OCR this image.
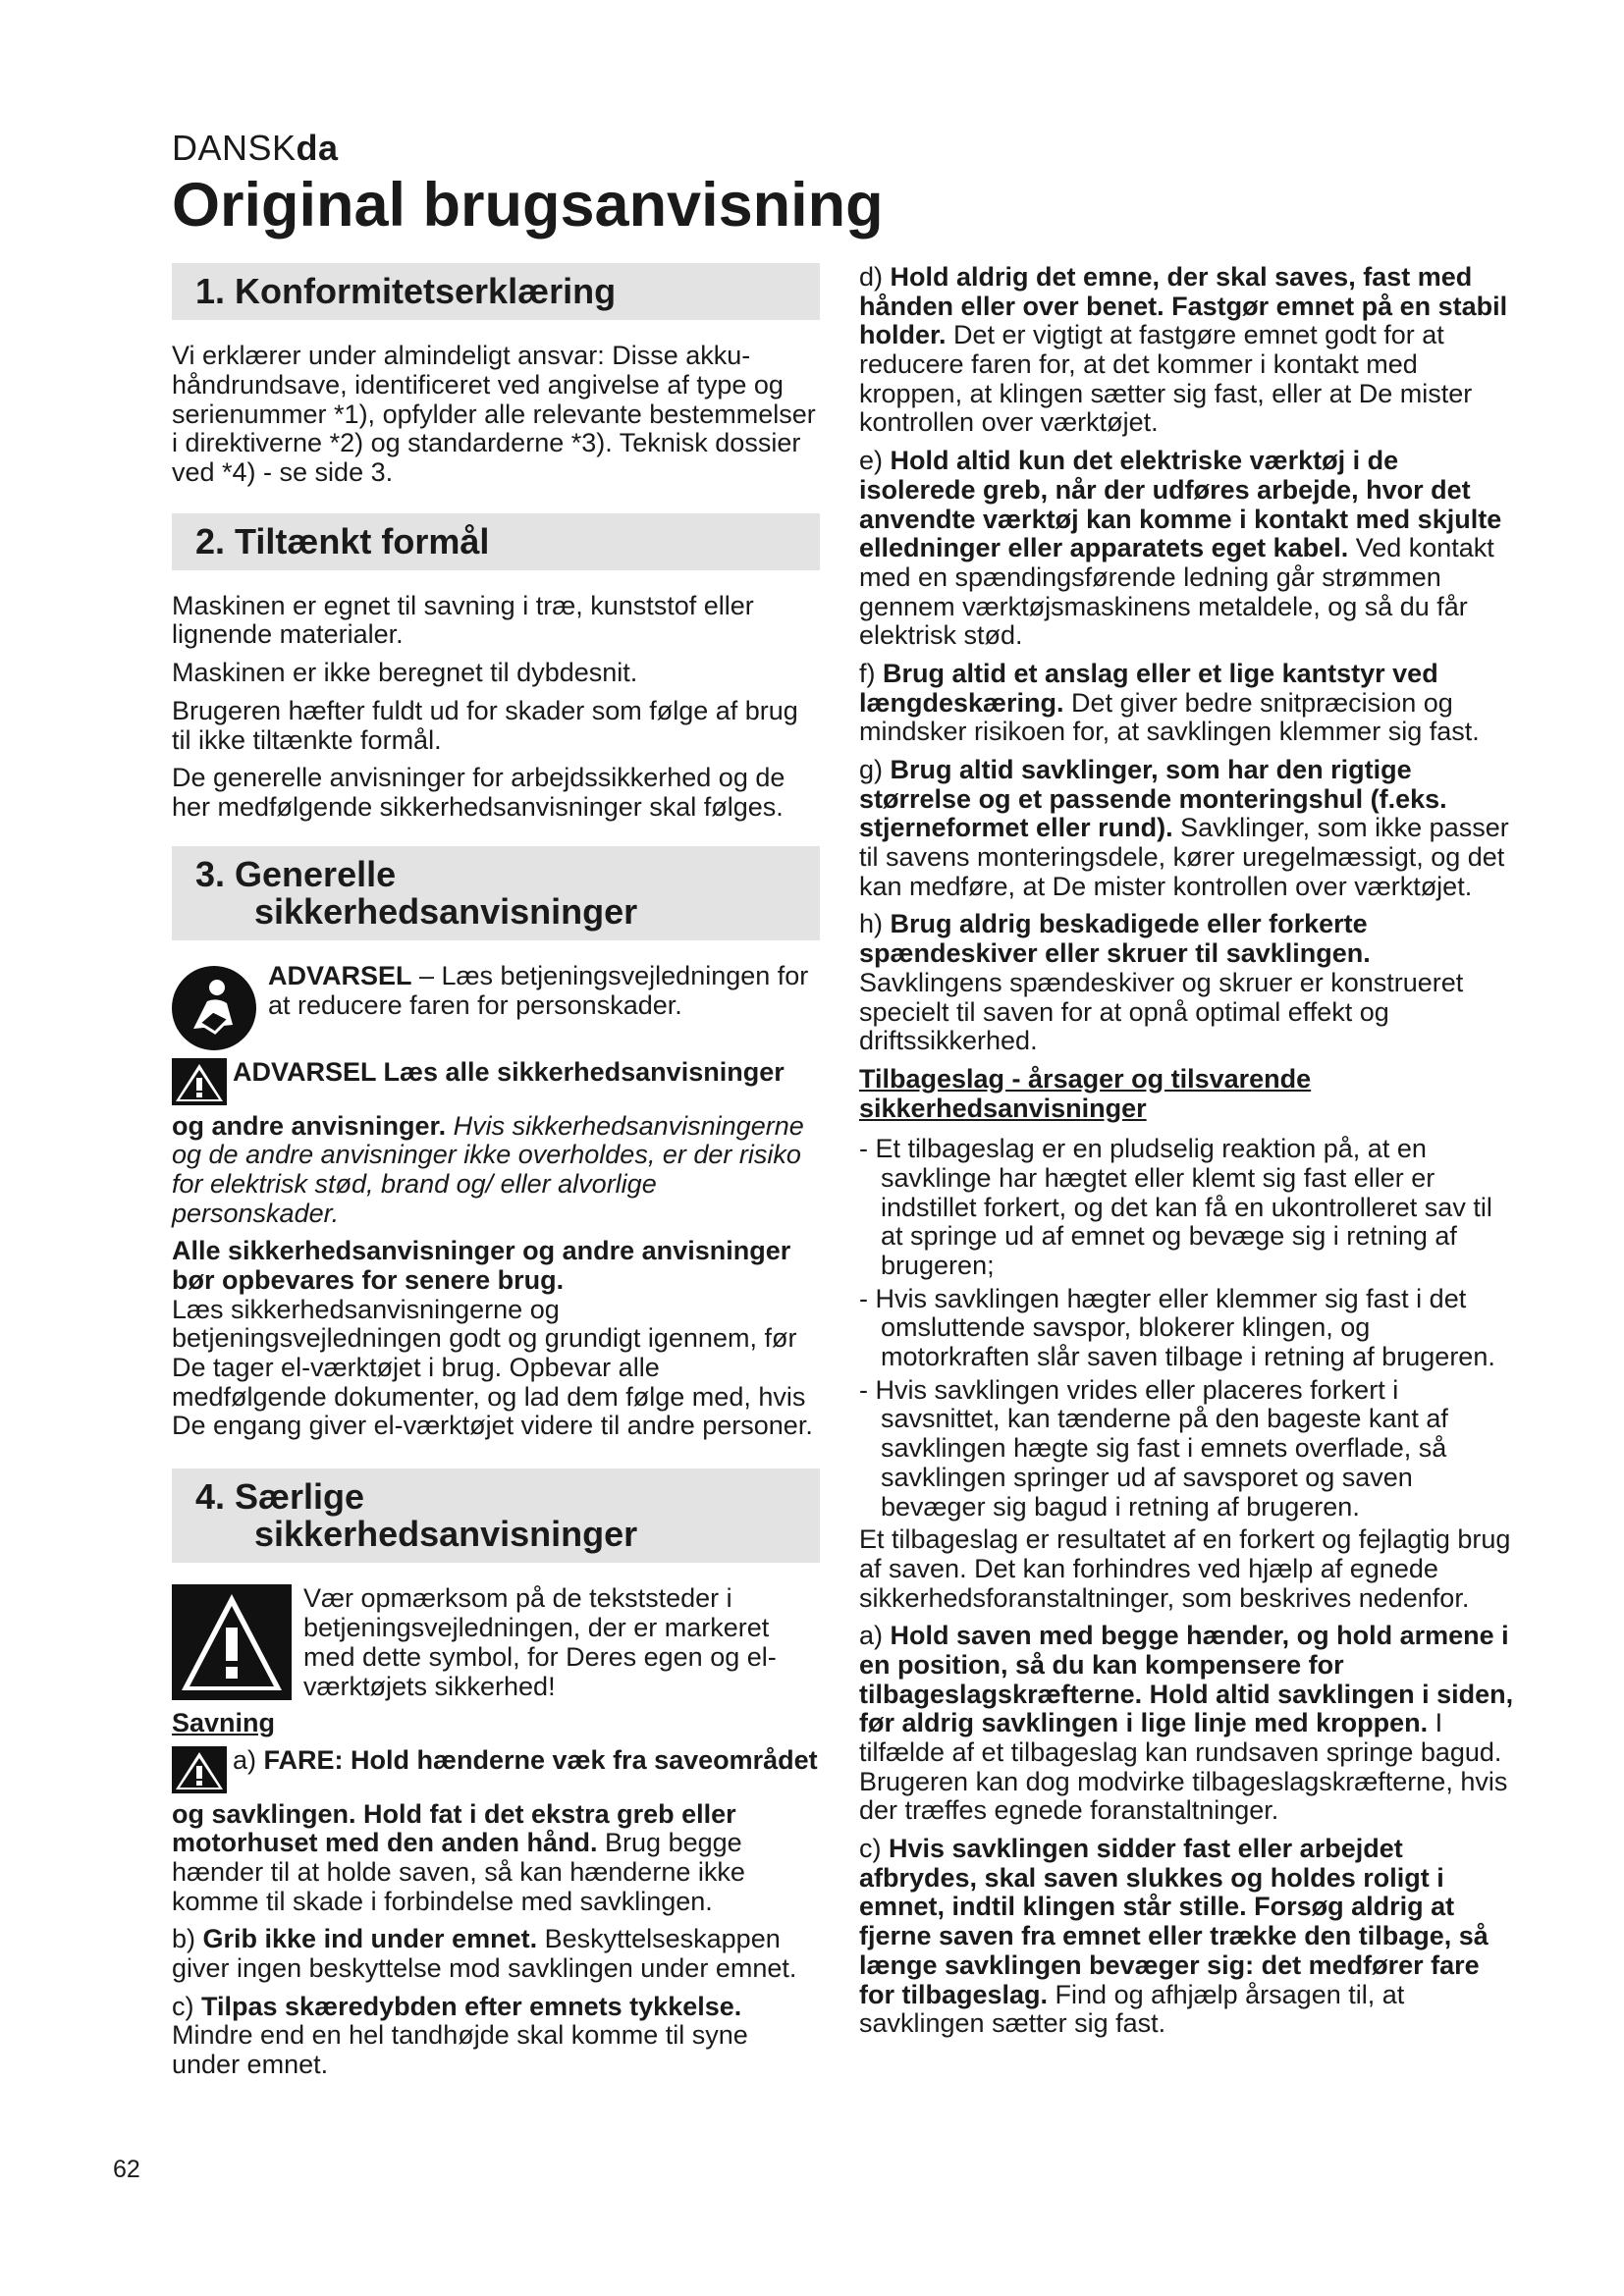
DANSKda
Original brugsanvisning
1. Konformitetserklæring

Vi erklærer under almindeligt ansvar: Disse akku-håndrundsave, identificeret ved angivelse af type og serienummer *1), opfylder alle relevante bestemmelser i direktiverne *2) og standarderne *3). Teknisk dossier ved *4) - se side 3.

2. Tiltænkt formål

Maskinen er egnet til savning i træ, kunststof eller lignende materialer.

Maskinen er ikke beregnet til dybdesnit.

Brugeren hæfter fuldt ud for skader som følge af brug til ikke tiltænkte formål.

De generelle anvisninger for arbejdssikkerhed og de her medfølgende sikkerhedsanvisninger skal følges.

3. Generelle
sikkerhedsanvisninger
ADVARSEL – Læs betjeningsvejledningen for at reducere faren for personskader.
ADVARSEL Læs alle sikkerhedsanvisninger og andre anvisninger. Hvis sikkerhedsanvisningerne og de andre anvisninger ikke overholdes, er der risiko for elektrisk stød, brand og/ eller alvorlige personskader.
Alle sikkerhedsanvisninger og andre anvisninger bør opbevares for senere brug.
Læs sikkerhedsanvisningerne og betjeningsvejledningen godt og grundigt igennem, før De tager el-værktøjet i brug. Opbevar alle medfølgende dokumenter, og lad dem følge med, hvis De engang giver el-værktøjet videre til andre personer.
4. Særlige
sikkerhedsanvisninger
Vær opmærksom på de tekststeder i betjeningsvejledningen, der er markeret med dette symbol, for Deres egen og el-værktøjets sikkerhed!
Savning
a) FARE: Hold hænderne væk fra saveområdet og savklingen. Hold fat i det ekstra greb eller motorhuset med den anden hånd. Brug begge hænder til at holde saven, så kan hænderne ikke komme til skade i forbindelse med savklingen.
b) Grib ikke ind under emnet. Beskyttelseskappen giver ingen beskyttelse mod savklingen under emnet.
c) Tilpas skæredybden efter emnets tykkelse. Mindre end en hel tandhøjde skal komme til syne under emnet.
d) Hold aldrig det emne, der skal saves, fast med hånden eller over benet. Fastgør emnet på en stabil holder. Det er vigtigt at fastgøre emnet godt for at reducere faren for, at det kommer i kontakt med kroppen, at klingen sætter sig fast, eller at De mister kontrollen over værktøjet.
e) Hold altid kun det elektriske værktøj i de isolerede greb, når der udføres arbejde, hvor det anvendte værktøj kan komme i kontakt med skjulte elledninger eller apparatets eget kabel. Ved kontakt med en spændingsførende ledning går strømmen gennem værktøjsmaskinens metaldele, og så du får elektrisk stød.
f) Brug altid et anslag eller et lige kantstyr ved længdeskæring. Det giver bedre snitpræcision og mindsker risikoen for, at savklingen klemmer sig fast.
g) Brug altid savklinger, som har den rigtige størrelse og et passende monteringshul (f.eks. stjerneformet eller rund). Savklinger, som ikke passer til savens monteringsdele, kører uregelmæssigt, og det kan medføre, at De mister kontrollen over værktøjet.
h) Brug aldrig beskadigede eller forkerte spændeskiver eller skruer til savklingen. Savklingens spændeskiver og skruer er konstrueret specielt til saven for at opnå optimal effekt og driftssikkerhed.
Tilbageslag - årsager og tilsvarende sikkerhedsanvisninger
- Et tilbageslag er en pludselig reaktion på, at en savklinge har hægtet eller klemt sig fast eller er indstillet forkert, og det kan få en ukontrolleret sav til at springe ud af emnet og bevæge sig i retning af brugeren;
- Hvis savklingen hægter eller klemmer sig fast i det omsluttende savspor, blokerer klingen, og motorkraften slår saven tilbage i retning af brugeren.
- Hvis savklingen vrides eller placeres forkert i savsnittet, kan tænderne på den bageste kant af savklingen hægte sig fast i emnets overflade, så savklingen springer ud af savsporet og saven bevæger sig bagud i retning af brugeren.

Et tilbageslag er resultatet af en forkert og fejlagtig brug af saven. Det kan forhindres ved hjælp af egnede sikkerhedsforanstaltninger, som beskrives nedenfor.

a) Hold saven med begge hænder, og hold armene i en position, så du kan kompensere for tilbageslagskræfterne. Hold altid savklingen i siden, før aldrig savklingen i lige linje med kroppen. I tilfælde af et tilbageslag kan rundsaven springe bagud. Brugeren kan dog modvirke tilbageslagskræfterne, hvis der træffes egnede foranstaltninger.
c) Hvis savklingen sidder fast eller arbejdet afbrydes, skal saven slukkes og holdes roligt i emnet, indtil klingen står stille. Forsøg aldrig at fjerne saven fra emnet eller trække den tilbage, så længe savklingen bevæger sig: det medfører fare for tilbageslag. Find og afhjælp årsagen til, at savklingen sætter sig fast.
62
